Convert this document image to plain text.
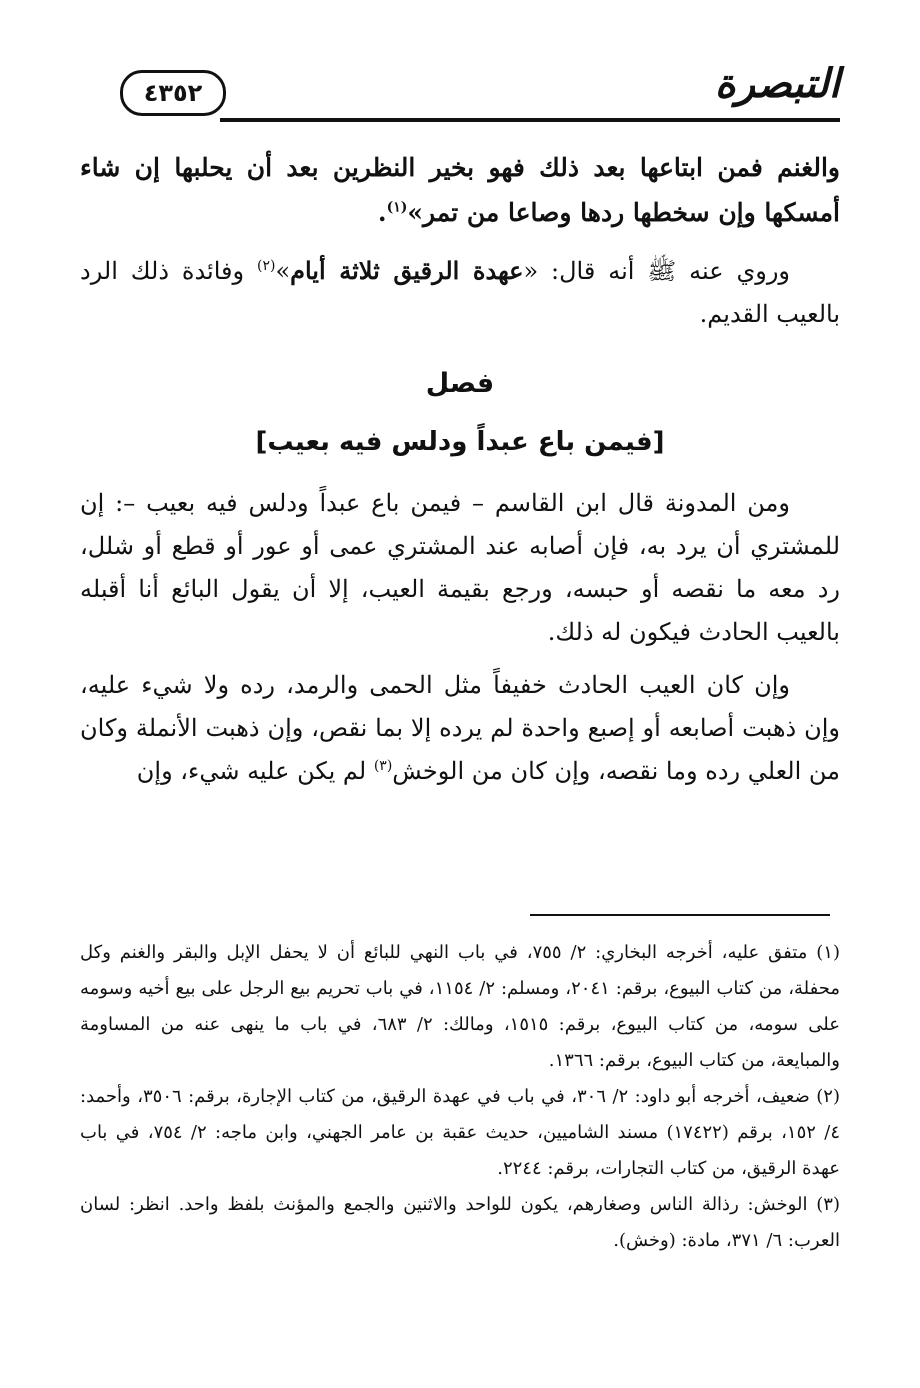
٤٣٥٢	التبصرة

والغنم فمن ابتاعها بعد ذلك فهو بخير النظرين بعد أن يحلبها إن شاء أمسكها وإن سخطها ردها وصاعا من تمر»$^{(١)}$.

وروي عنه ﷺ أنه قال: «عهدة الرقيق ثلاثة أيام»$^{(٢)}$ وفائدة ذلك الرد بالعيب القديم.

فصل
[فيمن باع عبداً ودلس فيه بعيب]

ومن المدونة قال ابن القاسم – فيمن باع عبداً ودلس فيه بعيب –: إن للمشتري أن يرد به، فإن أصابه عند المشتري عمى أو عور أو قطع أو شلل، رد معه ما نقصه أو حبسه، ورجع بقيمة العيب، إلا أن يقول البائع أنا أقبله بالعيب الحادث فيكون له ذلك.

وإن كان العيب الحادث خفيفاً مثل الحمى والرمد، رده ولا شيء عليه، وإن ذهبت أصابعه أو إصبع واحدة لم يرده إلا بما نقص، وإن ذهبت الأنملة وكان من العلي رده وما نقصه، وإن كان من الوخش$^{(٣)}$ لم يكن عليه شيء، وإن

(١) متفق عليه، أخرجه البخاري: ٢/ ٧٥٥، في باب النهي للبائع أن لا يحفل الإبل والبقر والغنم وكل محفلة، من كتاب البيوع، برقم: ٢٠٤١، ومسلم: ٢/ ١١٥٤، في باب تحريم بيع الرجل على بيع أخيه وسومه على سومه، من كتاب البيوع، برقم: ١٥١٥، ومالك: ٢/ ٦٨٣، في باب ما ينهى عنه من المساومة والمبايعة، من كتاب البيوع، برقم: ١٣٦٦.

(٢) ضعيف، أخرجه أبو داود: ٢/ ٣٠٦، في باب في عهدة الرقيق، من كتاب الإجارة، برقم: ٣٥٠٦، وأحمد: ٤/ ١٥٢، برقم (١٧٤٢٢) مسند الشاميين، حديث عقبة بن عامر الجهني، وابن ماجه: ٢/ ٧٥٤، في باب عهدة الرقيق، من كتاب التجارات، برقم: ٢٢٤٤.

(٣) الوخش: رذالة الناس وصغارهم، يكون للواحد والاثنين والجمع والمؤنث بلفظ واحد. انظر: لسان العرب: ٦/ ٣٧١، مادة: (وخش).
